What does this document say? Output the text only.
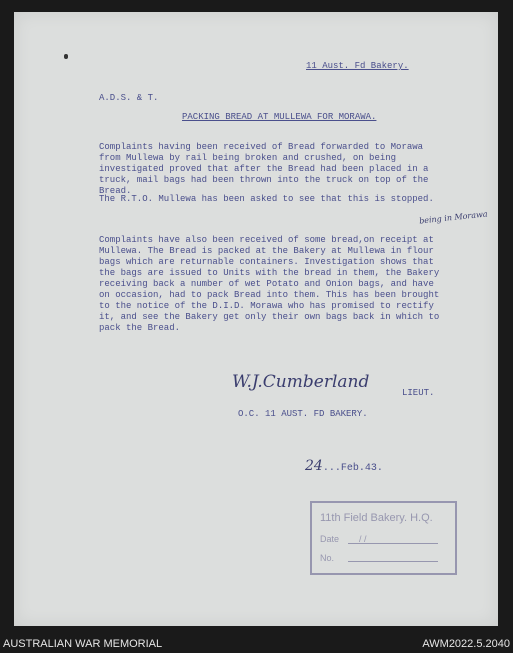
11 Aust. Fd Bakery.
A.D.S. & T.
PACKING BREAD AT MULLEWA FOR MORAWA.
Complaints having been received of Bread forwarded to Morawa from Mullewa by rail being broken and crushed, on being investigated proved that after the Bread had been placed in a truck, mail bags had been thrown into the truck on top of the Bread.
The R.T.O. Mullewa has been asked to see that this is stopped.
being in Morawa
Complaints have also been received of some bread,on receipt at Mullewa. The Bread is packed at the Bakery at Mullewa in flour bags which are returnable containers. Investigation shows that the bags are issued to Units with the bread in them, the Bakery receiving back a number of wet Potato and Onion bags, and have on occasion, had to pack Bread into them. This has been brought to the notice of the D.I.D. Morawa who has promised to rectify it, and see the Bakery get only their own bags back in which to pack the Bread.
W.J.Cumberland
LIEUT.
O.C. 11 AUST. FD BAKERY.

24...Feb.43.

11th Field Bakery. H.Q.
Date / /
No.
AUSTRALIAN WAR MEMORIAL	AWM2022.5.2040
